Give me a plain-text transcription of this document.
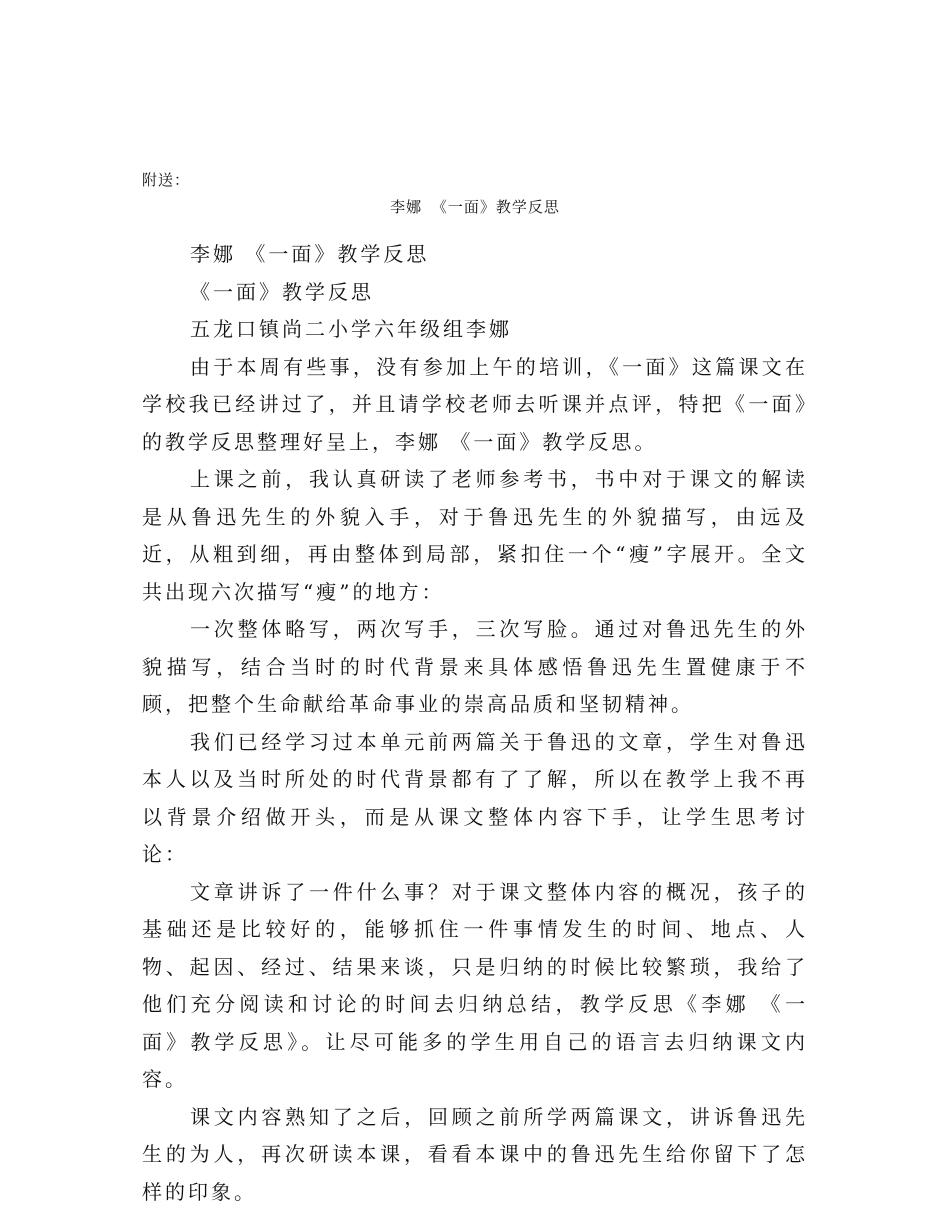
附送：
李娜 《一面》教学反思

李娜 《一面》教学反思

《一面》教学反思

五龙口镇尚二小学六年级组李娜

由于本周有些事，没有参加上午的培训，《一面》这篇课文在学校我已经讲过了，并且请学校老师去听课并点评，特把《一面》的教学反思整理好呈上，李娜 《一面》教学反思。

上课之前，我认真研读了老师参考书，书中对于课文的解读是从鲁迅先生的外貌入手，对于鲁迅先生的外貌描写，由远及近，从粗到细，再由整体到局部，紧扣住一个“瘦”字展开。全文共出现六次描写“瘦”的地方：

一次整体略写，两次写手，三次写脸。通过对鲁迅先生的外貌描写，结合当时的时代背景来具体感悟鲁迅先生置健康于不顾，把整个生命献给革命事业的崇高品质和坚韧精神。

我们已经学习过本单元前两篇关于鲁迅的文章，学生对鲁迅本人以及当时所处的时代背景都有了了解，所以在教学上我不再以背景介绍做开头，而是从课文整体内容下手，让学生思考讨论：

文章讲诉了一件什么事？对于课文整体内容的概况，孩子的基础还是比较好的，能够抓住一件事情发生的时间、地点、人物、起因、经过、结果来谈，只是归纳的时候比较繁琐，我给了他们充分阅读和讨论的时间去归纳总结，教学反思《李娜 《一面》教学反思》。让尽可能多的学生用自己的语言去归纳课文内容。

课文内容熟知了之后，回顾之前所学两篇课文，讲诉鲁迅先生的为人，再次研读本课，看看本课中的鲁迅先生给你留下了怎样的印象。
